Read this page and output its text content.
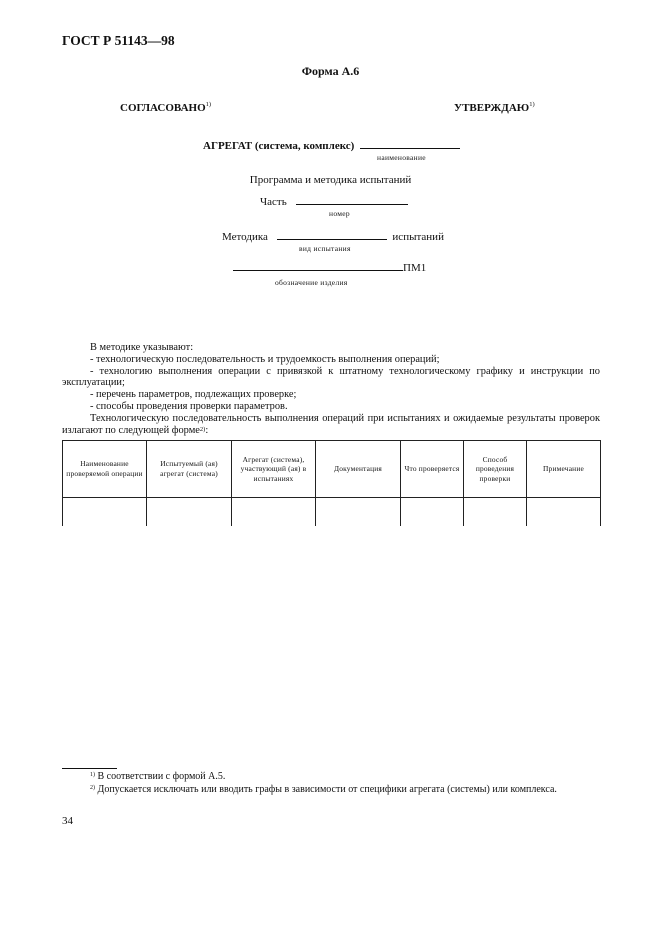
ГОСТ Р 51143—98
Форма А.6
СОГЛАСОВАНО$^{1)}$	УТВЕРЖДАЮ$^{1)}$
АГРЕГАТ (система, комплекс)
наименование
Программа и методика испытаний
Часть
номер
Методика	испытаний
вид испытания
ПМ1
обозначение изделия

В методике указывают:

- технологическую последовательность и трудоемкость выполнения операций;

- технологию выполнения операции с привязкой к штатному технологическому графику и инструкции по эксплуатации;

- перечень параметров, подлежащих проверке;

- способы проведения проверки параметров.

Технологическую последовательность выполнения операций при испытаниях и ожидаемые результаты проверок излагают по следующей форме$^{2)}$:

Наименование проверяемой операции	Испытуемый (ая) агрегат (система)	Агрегат (система), участвующий (ая) в испытаниях	Документация	Что проверяется	Способ проведения проверки	Примечание

$^{1)}$ В соответствии с формой А.5.

$^{2)}$ Допускается исключать или вводить графы в зависимости от специфики агрегата (системы) или комплекса.

34
